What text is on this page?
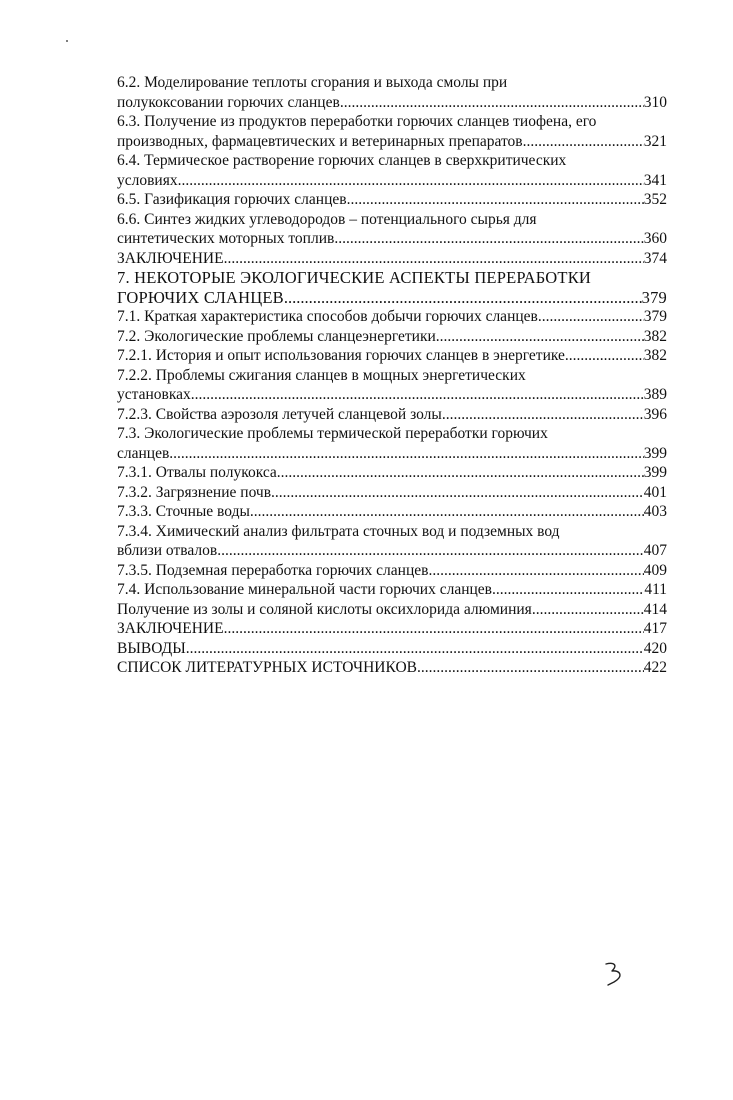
6.2. Моделирование теплоты сгорания и выхода смолы при
полукоксовании горючих сланцев .....	310
6.3. Получение из продуктов переработки горючих сланцев тиофена, его
производных, фармацевтических и ветеринарных препаратов .....	321
6.4. Термическое растворение горючих сланцев в сверхкритических
условиях .....	341
6.5. Газификация горючих сланцев .....	352
6.6. Синтез жидких углеводородов – потенциального сырья для
синтетических моторных топлив .....	360
ЗАКЛЮЧЕНИЕ .....	374
7. НЕКОТОРЫЕ ЭКОЛОГИЧЕСКИЕ АСПЕКТЫ ПЕРЕРАБОТКИ
ГОРЮЧИХ СЛАНЦЕВ .....	379
7.1. Краткая характеристика способов добычи горючих сланцев .....	379
7.2. Экологические проблемы сланцеэнергетики .....	382
7.2.1. История и опыт использования горючих сланцев в энергетике .....	382
7.2.2. Проблемы сжигания сланцев в мощных энергетических
установках .....	389
7.2.3. Свойства аэрозоля летучей сланцевой золы .....	396
7.3. Экологические проблемы термической переработки горючих
сланцев .....	399
7.3.1. Отвалы полукокса .....	399
7.3.2. Загрязнение почв .....	401
7.3.3. Сточные воды .....	403
7.3.4. Химический анализ фильтрата сточных вод и подземных вод
вблизи отвалов .....	407
7.3.5. Подземная переработка горючих сланцев .....	409
7.4. Использование минеральной части горючих сланцев .....	411
Получение из золы и соляной кислоты оксихлорида алюминия .....	414
ЗАКЛЮЧЕНИЕ .....	417
ВЫВОДЫ .....	420
СПИСОК ЛИТЕРАТУРНЫХ ИСТОЧНИКОВ .....	422
